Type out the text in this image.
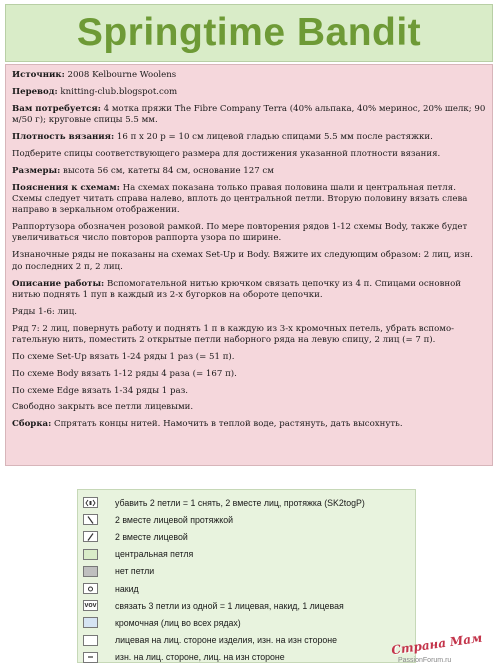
Springtime Bandit

Источник: 2008 Kelbourne Woolens

Перевод: knitting-club.blogspot.com

Вам потребуется: 4 мотка пряжи The Fibre Company Terra (40% альпака, 40% меринос, 20% шелк; 90 м/50 г); круговые спицы 5.5 мм.

Плотность вязания: 16 п х 20 р = 10 см лицевой гладью спицами 5.5 мм после растяжки.

Подберите спицы соответствующего размера для достижения указанной плотности вязания.

Размеры: высота 56 см, катеты 84 см, основание 127 см

Пояснения к схемам: На схемах показана только правая половина шали и центральная петля. Схемы следует читать справа налево, вплоть до центральной петли. Вторую половину вязать слева направо в зеркальном отображении.

Раппортузора обозначен розовой рамкой. По мере повторения рядов 1-12 схемы Body, также будет увеличиваться число повторов раппорта узора по ширине.

Изнаночные ряды не показаны на схемах Set-Up и Body. Вяжите их следующим образом: 2 лиц, изн. до последних 2 п, 2 лиц.

Описание работы: Вспомогательной нитью крючком связать цепочку из 4 п. Спицами основной нитью поднять 1 пуп в каждый из 2-х бугорков на обороте цепочки.

Ряды 1-6: лиц.

Ряд 7: 2 лиц, повернуть работу и поднять 1 п в каждую из 3-х кромочных петель, убрать вспомо- гательную нить, поместить 2 открытые петли наборного ряда на левую спицу, 2 лиц (= 7 п).

По схеме Set-Up вязать 1-24 ряды 1 раз (= 51 п).

По схеме Body вязать 1-12 ряды 4 раза (= 167 п).

По схеме Edge вязать 1-34 ряды 1 раз.

Свободно закрыть все петли лицевыми.

Сборка: Спрятать концы нитей. Намочить в теплой воде, растянуть, дать высохнуть.

убавить 2 петли = 1 снять, 2 вместе лиц, протяжка (SK2togP)
2 вместе лицевой протяжкой
2 вместе лицевой
центральная петля
нет петли
накид
vov связать 3 петли из одной = 1 лицевая, накид, 1 лицевая
кромочная (лиц во всех рядах)
лицевая на лиц. стороне изделия, изн. на изн стороне
изн. на лиц. стороне, лиц. на изн стороне	Страна Мам
PassionForum.ru
